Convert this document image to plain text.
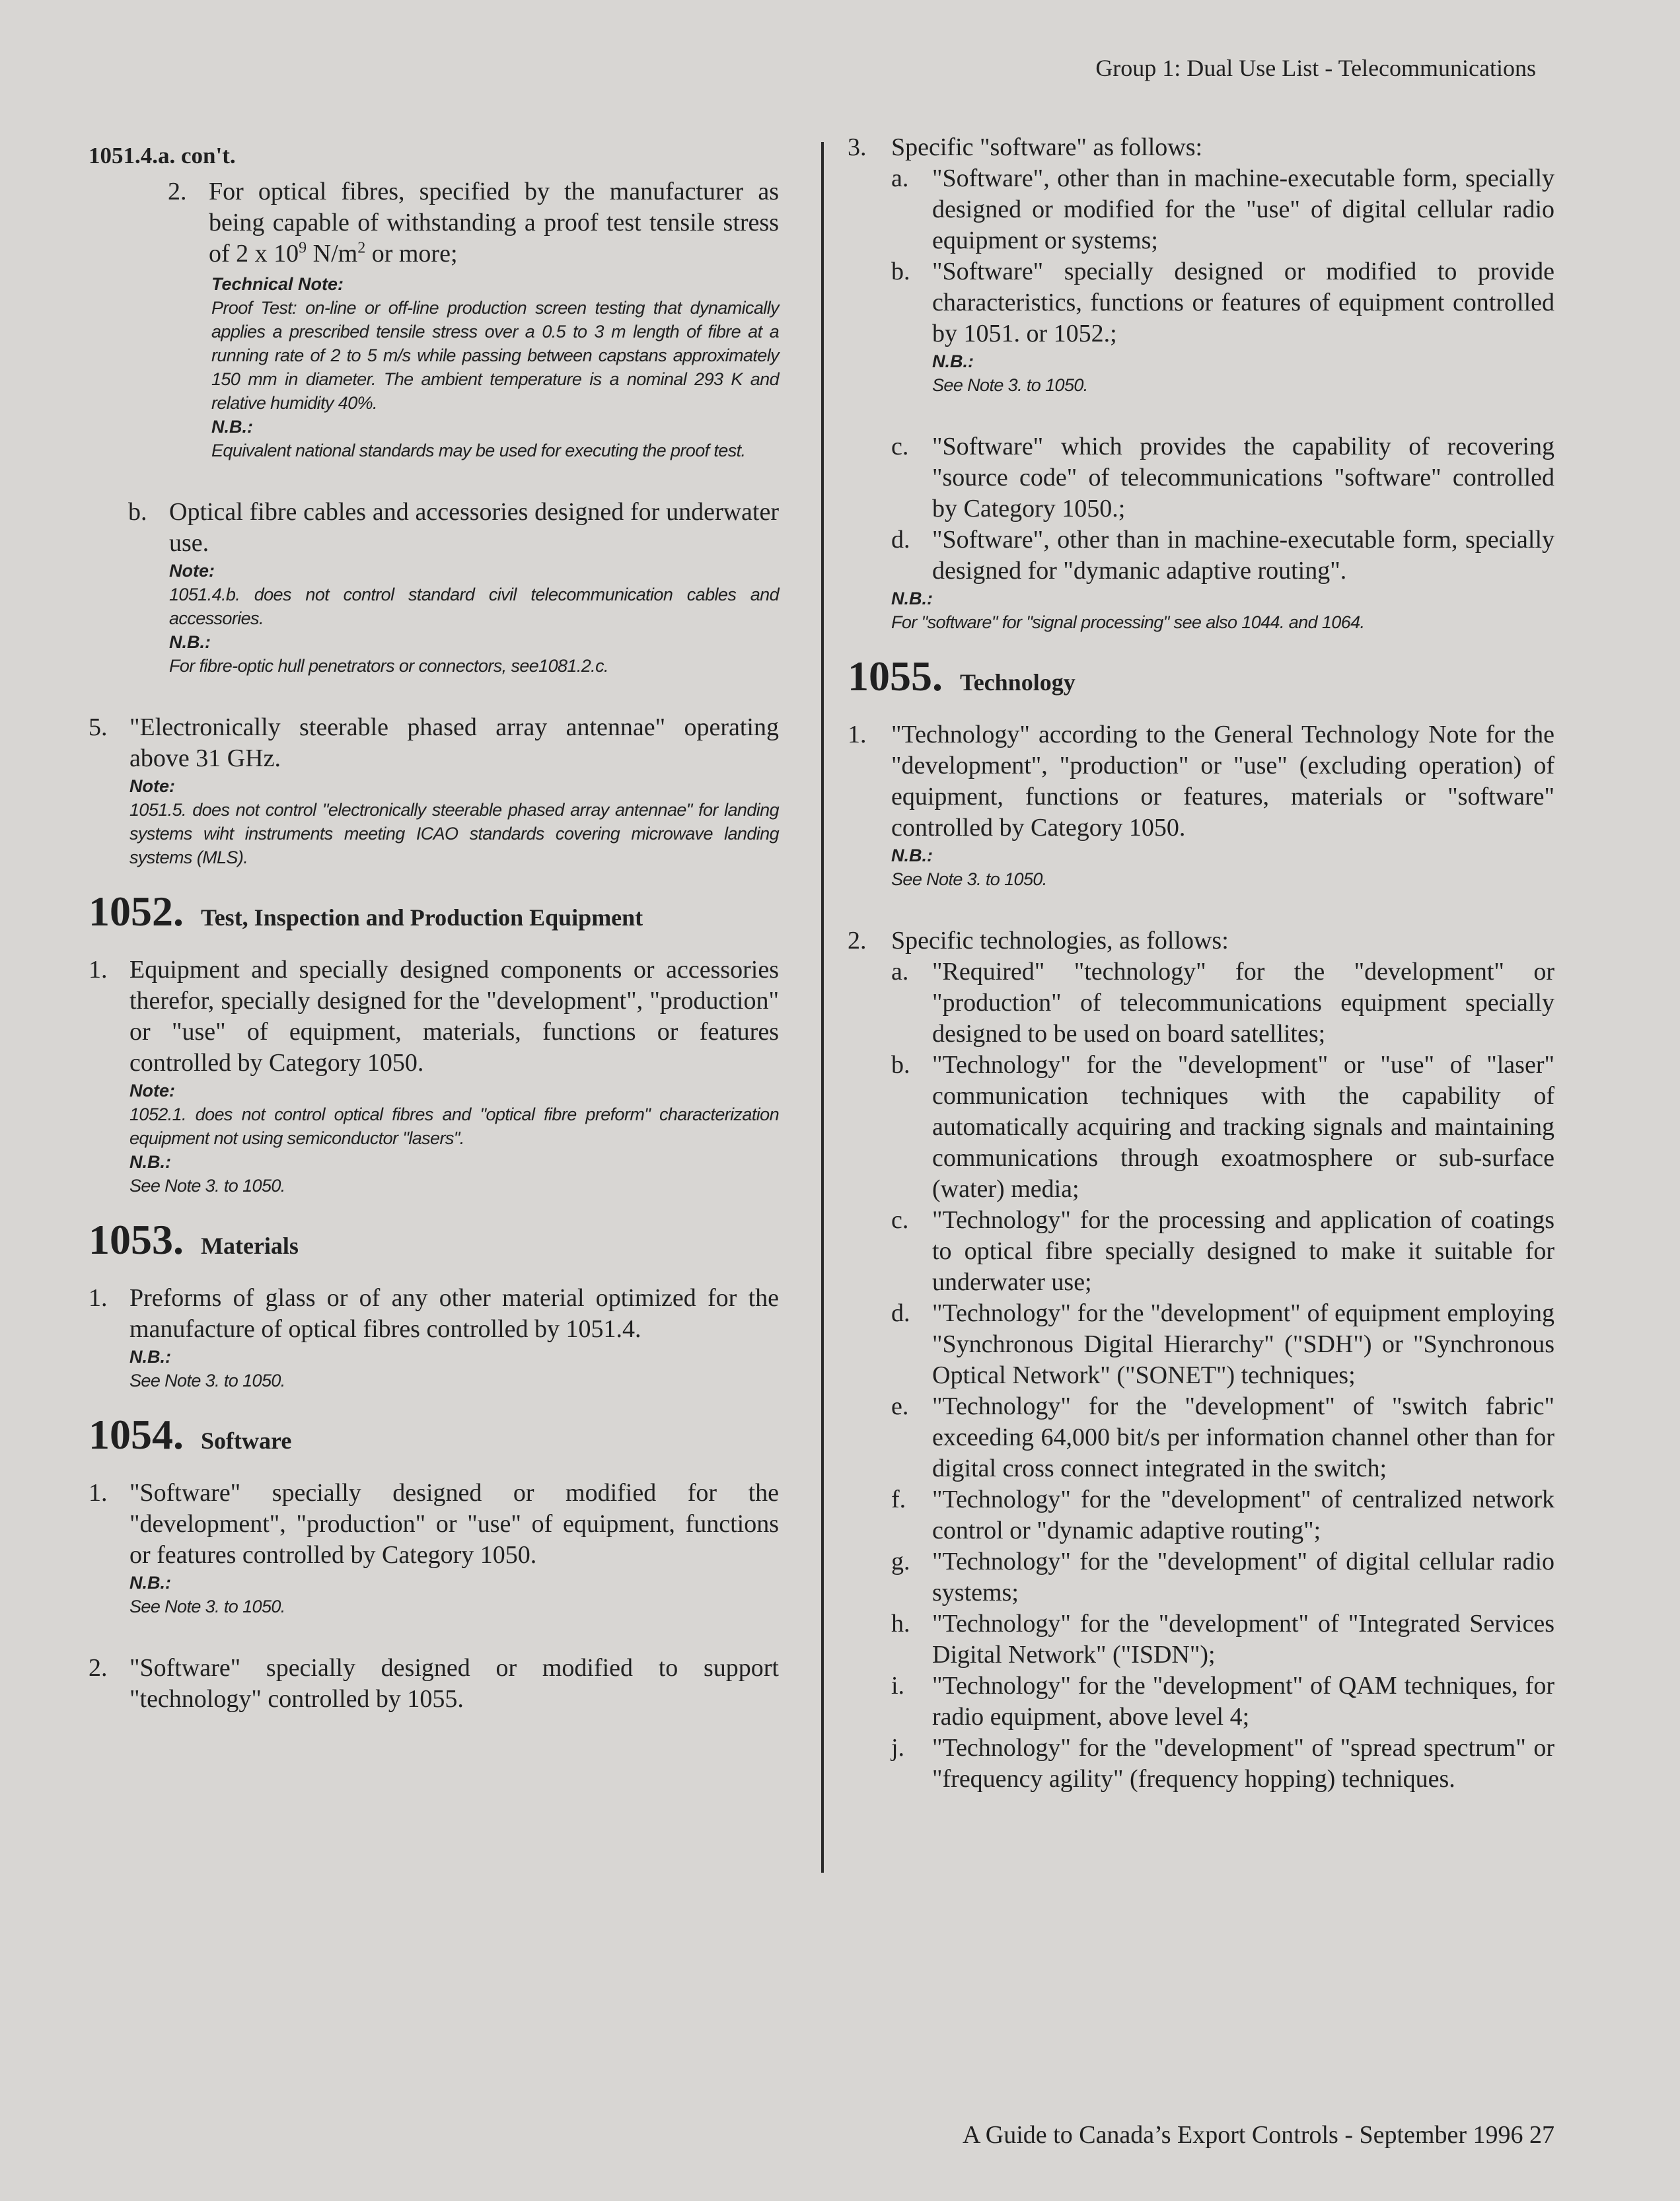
Group 1: Dual Use List - Telecommunications
1051.4.a. con't.
2. For optical fibres, specified by the manufacturer as being capable of withstanding a proof test tensile stress of 2 x $10^9$ $N/m^2$ or more;
Technical Note:
Proof Test: on-line or off-line production screen testing that dynamically applies a prescribed tensile stress over a 0.5 to 3 m length of fibre at a running rate of 2 to 5 m/s while passing between capstans approximately 150 mm in diameter. The ambient temperature is a nominal 293 K and relative humidity 40%.
N.B.:
Equivalent national standards may be used for executing the proof test.
b. Optical fibre cables and accessories designed for underwater use.
Note:
1051.4.b. does not control standard civil telecommunication cables and accessories.
N.B.:
For fibre-optic hull penetrators or connectors, see1081.2.c.
5. "Electronically steerable phased array antennae" operating above 31 GHz.
Note:
1051.5. does not control "electronically steerable phased array antennae" for landing systems wiht instruments meeting ICAO standards covering microwave landing systems (MLS).
1052. Test, Inspection and Production Equipment
1. Equipment and specially designed components or accessories therefor, specially designed for the "development", "production" or "use" of equipment, materials, functions or features controlled by Category 1050.
Note:
1052.1. does not control optical fibres and "optical fibre preform" characterization equipment not using semiconductor "lasers".
N.B.:
See Note 3. to 1050.
1053. Materials
1. Preforms of glass or of any other material optimized for the manufacture of optical fibres controlled by 1051.4.
N.B.:
See Note 3. to 1050.
1054. Software
1. "Software" specially designed or modified for the "development", "production" or "use" of equipment, functions or features controlled by Category 1050.
N.B.:
See Note 3. to 1050.
2. "Software" specially designed or modified to support "technology" controlled by 1055.
3. Specific "software" as follows:
a. "Software", other than in machine-executable form, specially designed or modified for the "use" of digital cellular radio equipment or systems;
b. "Software" specially designed or modified to provide characteristics, functions or features of equipment controlled by 1051. or 1052.;
N.B.:
See Note 3. to 1050.
c. "Software" which provides the capability of recovering "source code" of telecommunications "software" controlled by Category 1050.;
d. "Software", other than in machine-executable form, specially designed for "dymanic adaptive routing".
N.B.:
For "software" for "signal processing" see also 1044. and 1064.
1055. Technology
1. "Technology" according to the General Technology Note for the "development", "production" or "use" (excluding operation) of equipment, functions or features, materials or "software" controlled by Category 1050.
N.B.:
See Note 3. to 1050.
2. Specific technologies, as follows:
a. "Required" "technology" for the "development" or "production" of telecommunications equipment specially designed to be used on board satellites;
b. "Technology" for the "development" or "use" of "laser" communication techniques with the capability of automatically acquiring and tracking signals and maintaining communications through exoatmosphere or sub-surface (water) media;
c. "Technology" for the processing and application of coatings to optical fibre specially designed to make it suitable for underwater use;
d. "Technology" for the "development" of equipment employing "Synchronous Digital Hierarchy" ("SDH") or "Synchronous Optical Network" ("SONET") techniques;
e. "Technology" for the "development" of "switch fabric" exceeding 64,000 bit/s per information channel other than for digital cross connect integrated in the switch;
f.	"Technology" for the "development" of centralized network control or "dynamic adaptive routing";
g. "Technology" for the "development" of digital cellular radio systems;
h. "Technology" for the "development" of "Integrated Services Digital Network" ("ISDN");
i.	"Technology" for the "development" of QAM techniques, for radio equipment, above level 4;
j.	"Technology" for the "development" of "spread spectrum" or "frequency agility" (frequency hopping) techniques.
A Guide to Canada’s Export Controls - September 1996 27
